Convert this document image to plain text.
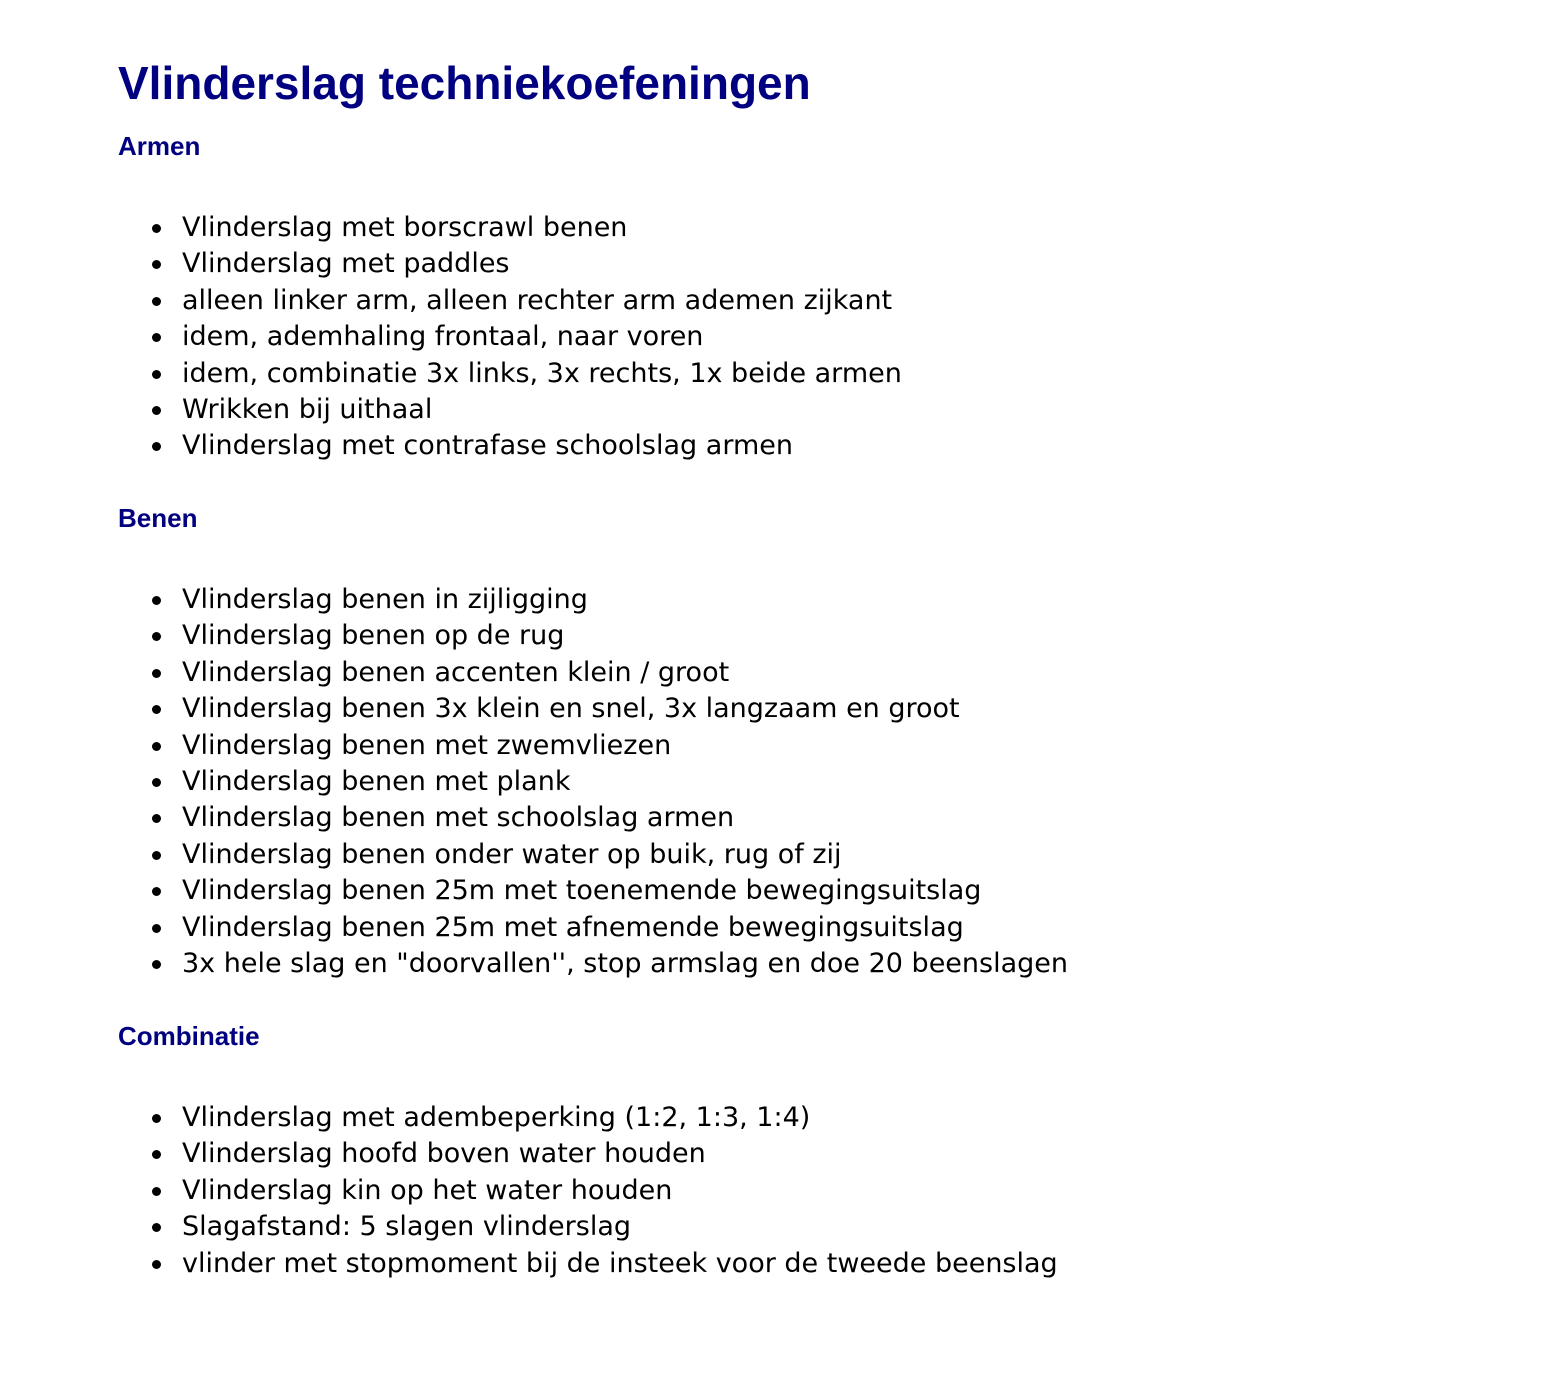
Vlinderslag techniekoefeningen
Armen
Vlinderslag met borscrawl benen
Vlinderslag met paddles
alleen linker arm, alleen rechter arm ademen zijkant
idem, ademhaling frontaal, naar voren
idem, combinatie 3x links, 3x rechts, 1x beide armen
Wrikken bij uithaal
Vlinderslag met contrafase schoolslag armen
Benen
Vlinderslag benen in zijligging
Vlinderslag benen op de rug
Vlinderslag benen accenten klein / groot
Vlinderslag benen 3x klein en snel, 3x langzaam en groot
Vlinderslag benen met zwemvliezen
Vlinderslag benen met plank
Vlinderslag benen met schoolslag armen
Vlinderslag benen onder water op buik, rug of zij
Vlinderslag benen 25m met toenemende bewegingsuitslag
Vlinderslag benen 25m met afnemende bewegingsuitslag
3x hele slag en "doorvallen'', stop armslag en doe 20 beenslagen
Combinatie
Vlinderslag met adembeperking (1:2, 1:3, 1:4)
Vlinderslag hoofd boven water houden
Vlinderslag kin op het water houden
Slagafstand: 5 slagen vlinderslag
vlinder met stopmoment bij de insteek voor de tweede beenslag
